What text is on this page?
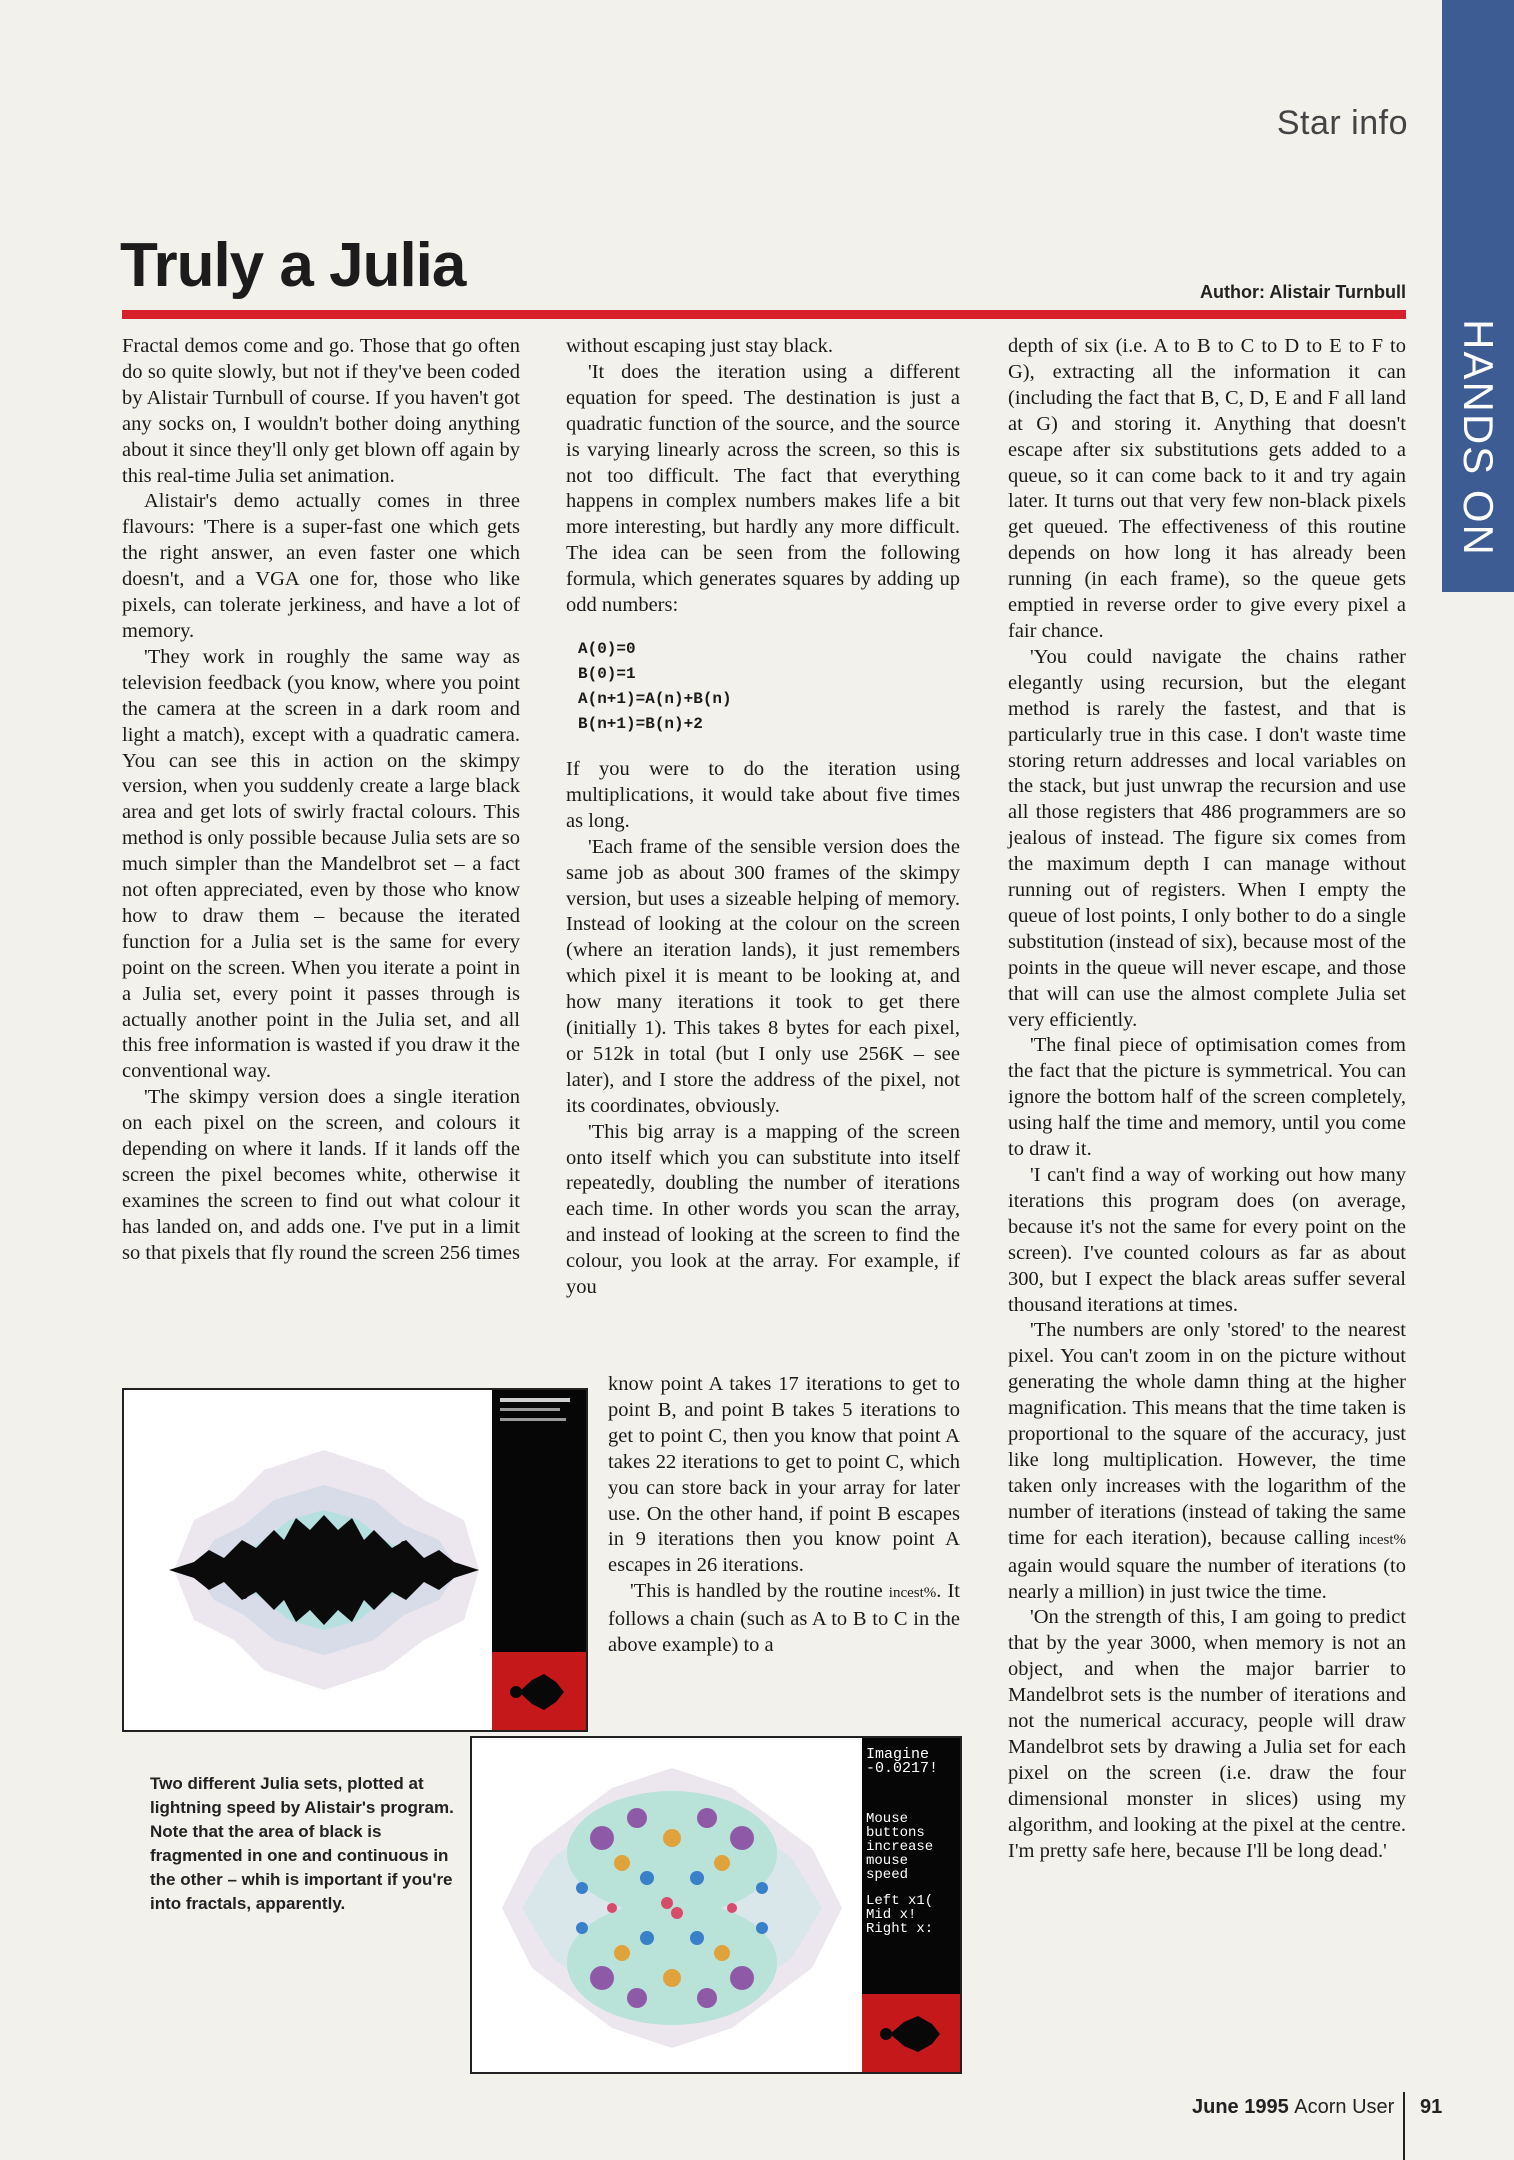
Star info
HANDS ON
Truly a Julia	Author: Alistair Turnbull

Fractal demos come and go. Those that go often do so quite slowly, but not if they've been coded by Alistair Turnbull of course. If you haven't got any socks on, I wouldn't bother doing anything about it since they'll only get blown off again by this real-time Julia set animation.

Alistair's demo actually comes in three flavours: 'There is a super-fast one which gets the right answer, an even faster one which doesn't, and a VGA one for, those who like pixels, can tolerate jerkiness, and have a lot of memory.

'They work in roughly the same way as television feedback (you know, where you point the camera at the screen in a dark room and light a match), except with a quadratic camera. You can see this in action on the skimpy version, when you suddenly create a large black area and get lots of swirly fractal colours. This method is only possible because Julia sets are so much simpler than the Mandelbrot set – a fact not often appreciated, even by those who know how to draw them – because the iterated function for a Julia set is the same for every point on the screen. When you iterate a point in a Julia set, every point it passes through is actually another point in the Julia set, and all this free information is wasted if you draw it the conventional way.

'The skimpy version does a single iteration on each pixel on the screen, and colours it depending on where it lands. If it lands off the screen the pixel becomes white, otherwise it examines the screen to find out what colour it has landed on, and adds one. I've put in a limit so that pixels that fly round the screen 256 times

without escaping just stay black.

'It does the iteration using a different equation for speed. The destination is just a quadratic function of the source, and the source is varying linearly across the screen, so this is not too difficult. The fact that everything happens in complex numbers makes life a bit more interesting, but hardly any more difficult. The idea can be seen from the following formula, which generates squares by adding up odd numbers:

A(0)=0
B(0)=1
A(n+1)=A(n)+B(n)
B(n+1)=B(n)+2

If you were to do the iteration using multiplications, it would take about five times as long.

'Each frame of the sensible version does the same job as about 300 frames of the skimpy version, but uses a sizeable helping of memory. Instead of looking at the colour on the screen (where an iteration lands), it just remembers which pixel it is meant to be looking at, and how many iterations it took to get there (initially 1). This takes 8 bytes for each pixel, or 512k in total (but I only use 256K – see later), and I store the address of the pixel, not its coordinates, obviously.

'This big array is a mapping of the screen onto itself which you can substitute into itself repeatedly, doubling the number of iterations each time. In other words you scan the array, and instead of looking at the screen to find the colour, you look at the array. For example, if you

know point A takes 17 iterations to get to point B, and point B takes 5 iterations to get to point C, then you know that point A takes 22 iterations to get to point C, which you can store back in your array for later use. On the other hand, if point B escapes in 9 iterations then you know point A escapes in 26 iterations.

'This is handled by the routine incest%. It follows a chain (such as A to B to C in the above example) to a

depth of six (i.e. A to B to C to D to E to F to G), extracting all the information it can (including the fact that B, C, D, E and F all land at G) and storing it. Anything that doesn't escape after six substitutions gets added to a queue, so it can come back to it and try again later. It turns out that very few non-black pixels get queued. The effectiveness of this routine depends on how long it has already been running (in each frame), so the queue gets emptied in reverse order to give every pixel a fair chance.

'You could navigate the chains rather elegantly using recursion, but the elegant method is rarely the fastest, and that is particularly true in this case. I don't waste time storing return addresses and local variables on the stack, but just unwrap the recursion and use all those registers that 486 programmers are so jealous of instead. The figure six comes from the maximum depth I can manage without running out of registers. When I empty the queue of lost points, I only bother to do a single substitution (instead of six), because most of the points in the queue will never escape, and those that will can use the almost complete Julia set very efficiently.

'The final piece of optimisation comes from the fact that the picture is symmetrical. You can ignore the bottom half of the screen completely, using half the time and memory, until you come to draw it.

'I can't find a way of working out how many iterations this program does (on average, because it's not the same for every point on the screen). I've counted colours as far as about 300, but I expect the black areas suffer several thousand iterations at times.

'The numbers are only 'stored' to the nearest pixel. You can't zoom in on the picture without generating the whole damn thing at the higher magnification. This means that the time taken is proportional to the square of the accuracy, just like long multiplication. However, the time taken only increases with the logarithm of the number of iterations (instead of taking the same time for each iteration), because calling incest% again would square the number of iterations (to nearly a million) in just twice the time.

'On the strength of this, I am going to predict that by the year 3000, when memory is not an object, and when the major barrier to Mandelbrot sets is the number of iterations and not the numerical accuracy, people will draw Mandelbrot sets by drawing a Julia set for each pixel on the screen (i.e. draw the four dimensional monster in slices) using my algorithm, and looking at the pixel at the centre. I'm pretty safe here, because I'll be long dead.'

Imagine
-0.0217!
Mouse
buttons
increase
mouse
speed
Left x1(
Mid x!
Right x:
Two different Julia sets, plotted at lightning speed by Alistair's program. Note that the area of black is fragmented in one and continuous in the other – whih is important if you're into fractals, apparently.
June 1995 Acorn User 91
